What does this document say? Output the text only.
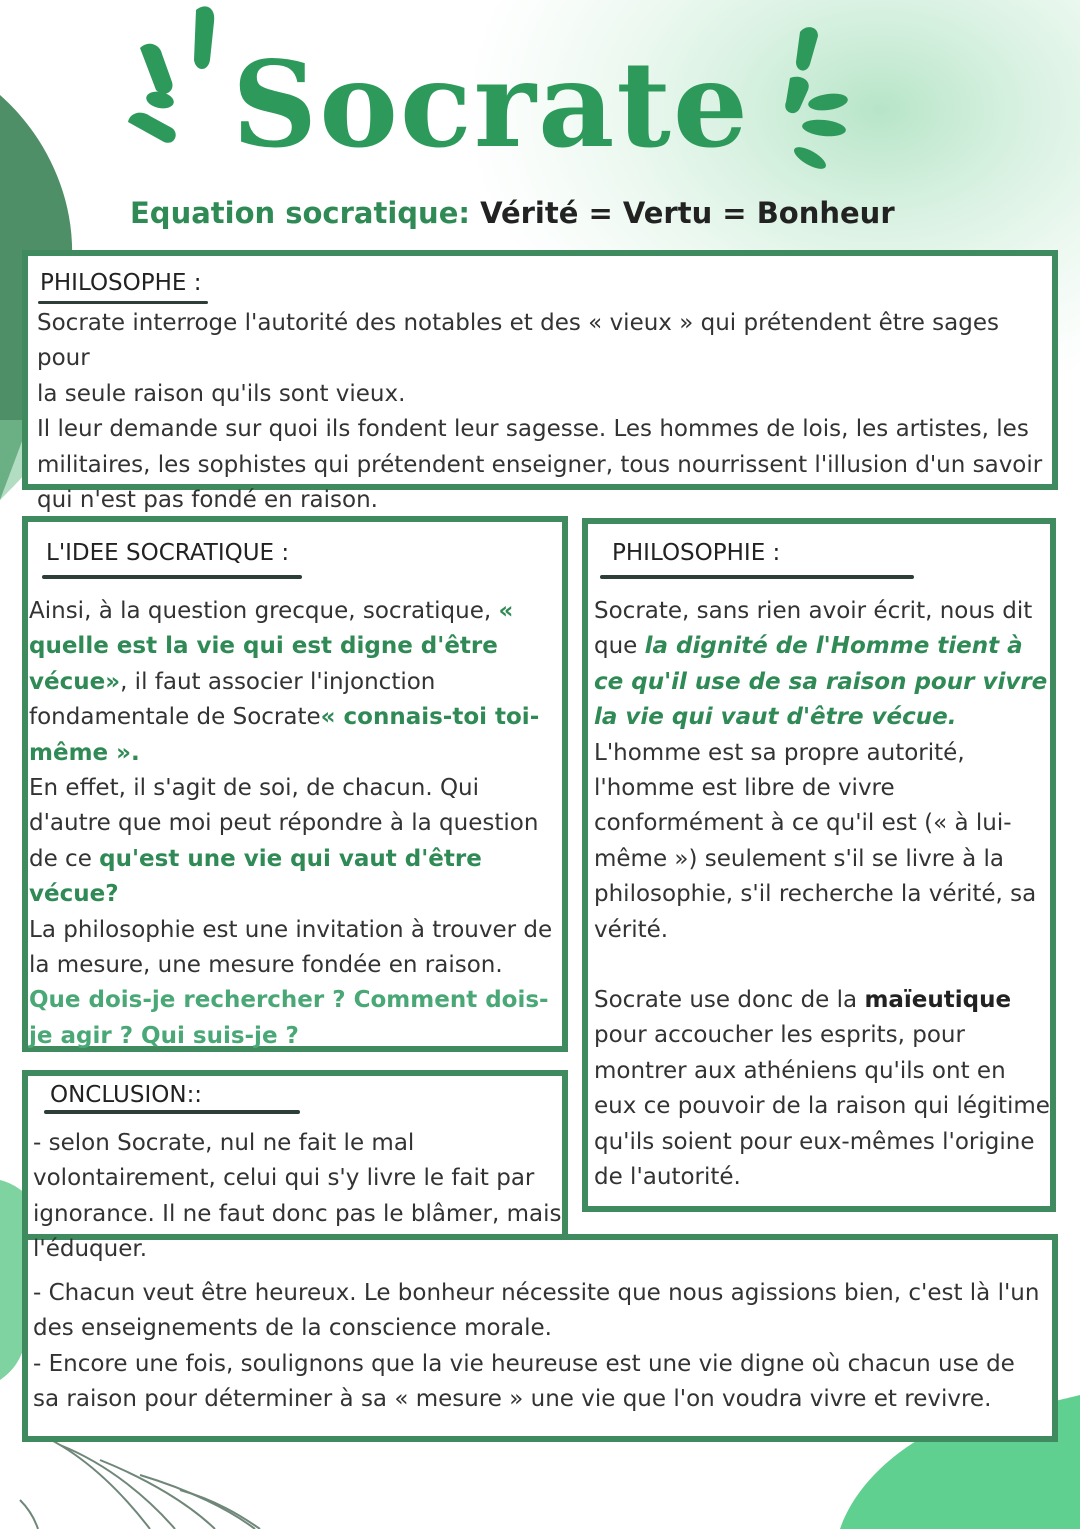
Socrate
Equation socratique: Vérité = Vertu = Bonheur
PHILOSOPHE :
Socrate interroge l'autorité des notables et des « vieux » qui prétendent être sages pour
la seule raison qu'ils sont vieux.
Il leur demande sur quoi ils fondent leur sagesse. Les hommes de lois, les artistes, les
militaires, les sophistes qui prétendent enseigner, tous nourrissent l'illusion d'un savoir
qui n'est pas fondé en raison.
L'IDEE SOCRATIQUE :

Ainsi, à la question grecque, socratique, « quelle est la vie qui est digne d'être vécue», il faut associer l'injonction fondamentale de Socrate« connais-toi toi-même ».

En effet, il s'agit de soi, de chacun. Qui d'autre que moi peut répondre à la question de ce qu'est une vie qui vaut d'être vécue?

La philosophie est une invitation à trouver de la mesure, une mesure fondée en raison. Que dois-je rechercher ? Comment dois-je agir ? Qui suis-je ?

PHILOSOPHIE :

Socrate, sans rien avoir écrit, nous dit que la dignité de l'Homme tient à ce qu'il use de sa raison pour vivre la vie qui vaut d'être vécue.

L'homme est sa propre autorité, l'homme est libre de vivre conformément à ce qu'il est (« à lui-même ») seulement s'il se livre à la philosophie, s'il recherche la vérité, sa vérité.

Socrate use donc de la maïeutique pour accoucher les esprits, pour montrer aux athéniens qu'ils ont en eux ce pouvoir de la raison qui légitime qu'ils soient pour eux-mêmes l'origine de l'autorité.

ONCLUSION::
- selon Socrate, nul ne fait le mal volontairement, celui qui s'y livre le fait par ignorance. Il ne faut donc pas le blâmer, mais l'éduquer.
- Chacun veut être heureux. Le bonheur nécessite que nous agissions bien, c'est là l'un
des enseignements de la conscience morale.
- Encore une fois, soulignons que la vie heureuse est une vie digne où chacun use de
sa raison pour déterminer à sa « mesure » une vie que l'on voudra vivre et revivre.
